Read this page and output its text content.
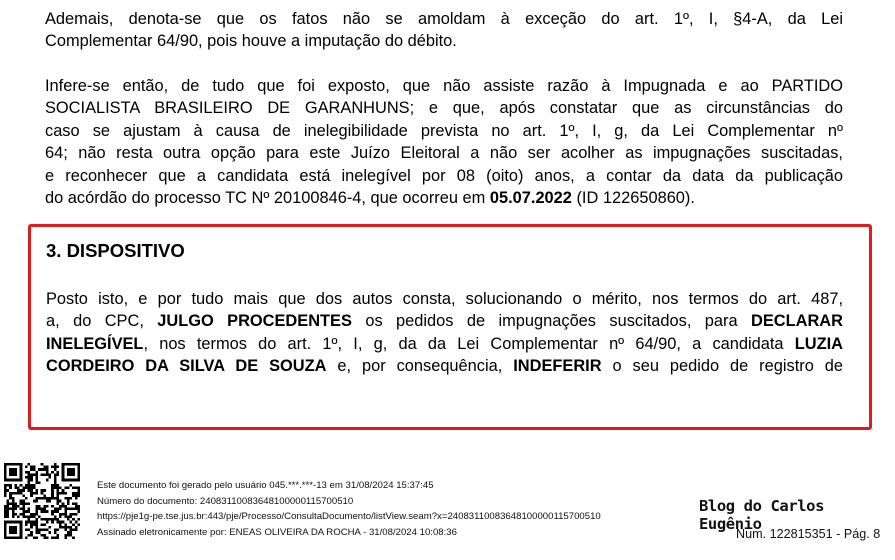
Ademais, denota-se que os fatos não se amoldam à exceção do art. 1º, I, §4-A, da Lei
Complementar 64/90, pois houve a imputação do débito.
Infere-se então, de tudo que foi exposto, que não assiste razão à Impugnada e ao PARTIDO
SOCIALISTA BRASILEIRO DE GARANHUNS; e que, após constatar que as circunstâncias do
caso se ajustam à causa de inelegibilidade prevista no art. 1º, I, g, da Lei Complementar nº
64; não resta outra opção para este Juízo Eleitoral a não ser acolher as impugnações suscitadas,
e reconhecer que a candidata está inelegível por 08 (oito) anos, a contar da data da publicação
do acórdão do processo TC Nº 20100846-4, que ocorreu em 05.07.2022 (ID 122650860).
3. DISPOSITIVO
Posto isto, e por tudo mais que dos autos consta, solucionando o mérito, nos termos do art. 487,
a, do CPC, JULGO PROCEDENTES os pedidos de impugnações suscitados, para DECLARAR
INELEGÍVEL, nos termos do art. 1º, I, g, da da Lei Complementar nº 64/90, a candidata LUZIA
CORDEIRO DA SILVA DE SOUZA e, por consequência, INDEFERIR o seu pedido de registro de
Este documento foi gerado pelo usuário 045.***.***-13 em 31/08/2024 15:37:45
Número do documento: 24083110083648100000115700510
https://pje1g-pe.tse.jus.br:443/pje/Processo/ConsultaDocumento/listView.seam?x=24083110083648100000115700510
Assinado eletronicamente por: ENEAS OLIVEIRA DA ROCHA - 31/08/2024 10:08:36
Blog do Carlos Eugênio
Num. 122815351 - Pág. 8
